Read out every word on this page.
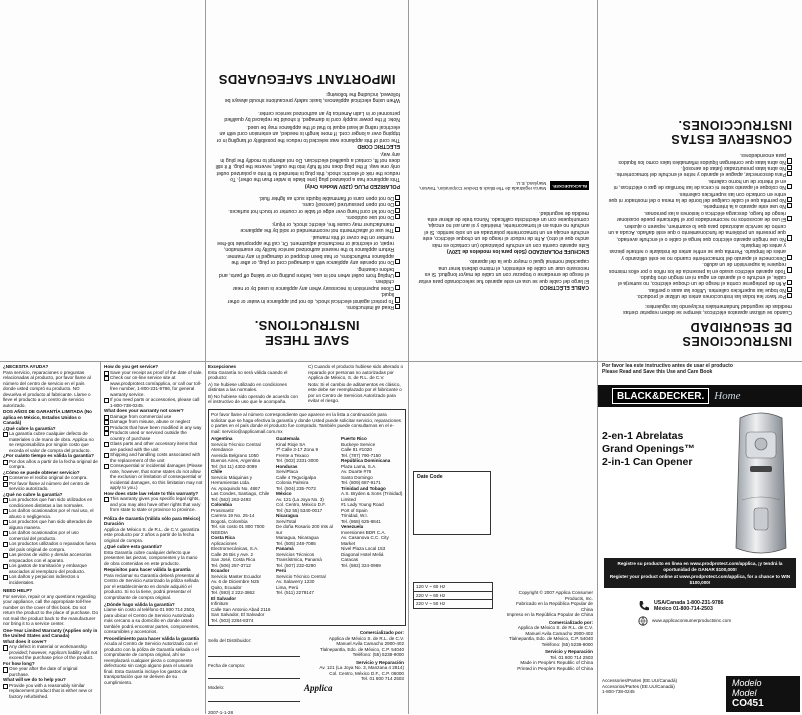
INSTRUCCIONES
DE SEGURIDAD
Cuando se utilizan aparatos eléctricos, siempre se deben respetar ciertas medidas de seguridad fundamentales incluyendo las siguientes:
Por favor lea todas las instrucciones antes de utilizar el producto.
No toque las superficies calientes. Utilice las asas o perillas.
A fin de protegerse contra el riesgo de un choque eléctrico, no sumerja el cable, el enchufe o el aparato en agua ni en ningún otro líquido.
Todo aparato eléctrico usado en la presencia de los niños o por ellos mismos requiere la supervisión de un adulto.
Desconecte el aparato del tomacorriente cuando no se esté utilizando y antes de limpiarlo. Permita que se enfríe antes de instalarle o retirarle piezas y antes de limpiarlo.
No use ningún aparato eléctrico que tenga el cable o el enchufe averiado, que presente un problema de funcionamiento o que esté dañado. Acuda a un centro de servicio autorizado para que lo examinen, reparen o ajusten.
El uso de accesorios no recomendados por el fabricante puede ocasionar riesgo de fuego, descarga eléctrica o lesiones a las personas.
No use este aparato a la intemperie.
No permita que el cable cuelgue del borde de la mesa o del mostrador ni que entre en contacto con las superficies calientes.
No coloque el aparato sobre ni cerca de las hornillas de gas o eléctricas, ni en el interior de un horno caliente.
Para desconectar, apague el aparato y retire el enchufe del tomacorriente.
No abra latas presurizadas (latas de aerosol).
No abra latas que contengan líquidos inflamables tales como los líquidos para encendedores.
CONSERVE ESTAS
INSTRUCCIONES.
CABLE ELÉCTRICO

El largo del cable que se usa en este aparato fue seleccionado para evitar el riesgo de enredarse o tropezar con un cable de mayor longitud. Si es necesario usar un cable de extensión, el mismo deberá tener una capacidad nominal igual o mayor que la del aparato.

ENCHUFE POLARIZADO (Sólo para los modelos de 120V)

Este aparato cuenta con un enchufe polarizado (un contacto es más ancho que el otro). A fin de reducir el riesgo de un choque eléctrico, este enchufe encaja en un tomacorriente polarizada en un solo sentido. Si el enchufe no entra en el tomacorriente, inviértalo y si aun así no encaja, comuníquese con un electricista calificado. Nunca trate de alterar esta medida de seguridad.

BLACK&DECKER.
Marca registrada de The Black & Decker Corporation, Towson, Maryland, E.U.
SAVE THESE INSTRUCTIONS.
Read all instructions.
To protect against electrical shock, do not put appliance in water or other liquid.
Close supervision is necessary when any appliance is used by or near children.
Unplug from outlet when not in use, before putting on or taking off parts, and before cleaning.
Do not operate any appliance with a damaged cord or plug, or after the appliance malfunctions, or has been dropped or damaged in any manner. Return appliance to the nearest authorized service facility for examination, repair, or electrical or mechanical adjustment. Or, call the appropriate toll-free number on the cover of this manual.
The use of attachments not recommended or sold by the appliance manufacturer may cause fire, electric shock, or injury.
Do not use outdoors.
Do not let cord hang over edge of table or counter or touch hot surfaces.
Do not open pressurized (aerosol) cans.
Do not open cans of flammable liquids such as lighter fluid.
POLARIZED PLUG (120V Models Only)

This appliance has a polarized plug (one blade is wider than the other). To reduce the risk of electric shock, this plug is intended to fit into a polarized outlet only one way. If the plug does not fit fully into the outlet, reverse the plug. If it still does not fit, contact a qualified electrician. Do not attempt to modify the plug in any way.

ELECTRIC CORD

The cord of this appliance was selected to reduce the possibility of tangling in or tripping over a longer cord. If more length is needed, an extension cord with an electrical rating at least equal to that of the appliance may be used.

Note: If the power supply cord is damaged, it should be replaced by qualified personnel or in Latin America by an authorized service center.

When using electrical appliances, basic safety precautions should always be followed, including the following:
IMPORTANT SAFEGUARDS
¿NECESITA AYUDA?

Para servicio, reparaciones o preguntas relacionadas al producto, por favor llame al número del centro de servicio en el país donde usted compró su producto. NO devuelva el producto al fabricante. Llame o lleve el producto a un centro de servicio autorizado.

DOS AÑOS DE GARANTÍA LIMITADA (No aplica en México, Estados Unidos o Canadá)
¿Qué cubre la garantía?
La garantía cubre cualquier defecto de materiales o de mano de obra. Applica no se responsabiliza por ningún costo que exceda el valor de compra del producto.
¿Por cuánto tiempo es válida la garantía?
Por dos años a partir de la fecha original de compra.
¿Cómo se puede obtener servicio?
Conserve el recibo original de compra.
Por favor llame al número del centro de servicio autorizado.
¿Qué no cubre la garantía?
Los productos que han sido utilizados en condiciones distintas a las normales.
Los daños ocasionados por el mal uso, el abuso o negligencia.
Los productos que han sido alterados de alguna manera.
Los daños ocasionados por el uso comercial del producto.
Los productos utilizados o reparados fuera del país original de compra.
Las piezas de vidrio y demás accesorios empacados con el aparato.
Los gastos de tramitación y embarque asociados al reemplazo del producto.
Los daños y perjuicios indirectos o incidentales.
NEED HELP?

For service, repair or any questions regarding your appliance, call the appropriate toll-free number on the cover of this book. Do not return the product to the place of purchase. Do not mail the product back to the manufacturer nor bring it to a service center.

One-Year Limited Warranty (Applies only in the United States and Canada)
What does it cover?
Any defect in material or workmanship provided; however, Applica's liability will not exceed the purchase price of the product.
For how long?
One year after the date of original purchase.
What will we do to help you?
Provide you with a reasonably similar replacement product that is either new or factory refurbished.
How do you get service?
Save your receipt as proof of the date of sale.
Check our on-line service site at www.prodprotect.com/applica, or call our toll-free number, 1-800-231-9786, for general warranty service.
If you need parts or accessories, please call 1-800-738-0245.
What does your warranty not cover?
Damage from commercial use
Damage from misuse, abuse or neglect
Products that have been modified in any way
Products used or serviced outside the country of purchase
Glass parts and other accessory items that are packed with the unit
Shipping and handling costs associated with the replacement of the unit
Consequential or incidental damages (Please note, however, that some states do not allow the exclusion or limitation of consequential or incidental damages, so this limitation may not apply to you.)
How does state law relate to this warranty?
This warranty gives you specific legal rights, and you may also have other rights that vary from state to state or province to province.
Póliza de Garantía (Válida sólo para México)
Duración

Applica de México S. de R.L. de C.V. garantiza este producto por 2 años a partir de la fecha original de compra.

¿Qué cubre esta garantía?

Esta Garantía cubre cualquier defecto que presenten las piezas, componentes y la mano de obra contenidas en este producto.

Requisitos para hacer válida la garantía

Para reclamar su Garantía deberá presentar al Centro de Servicio Autorizado la póliza sellada por el establecimiento en donde adquirió el producto. Si no la tiene, podrá presentar el comprobante de compra original.

¿Dónde hago válida la garantía?

Llame sin costo al teléfono 01 800 714 2503, para ubicar el Centro de Servicio Autorizado más cercano a su domicilio en donde usted también podrá encontrar partes, componentes, consumibles y accesorios.

Procedimiento para hacer válida la garantía

Acuda al Centro de Servicio Autorizado con el producto con la póliza de Garantía sellada o el comprobante de compra original, ahí se reemplazará cualquier pieza o componente defectuoso sin cargo alguno para el usuario final. Esta Garantía incluye los gastos de transportación que se deriven de su cumplimiento.

Excepciones

Esta Garantía no será válida cuando el producto:

A) Se hubiese utilizado en condiciones distintas a las normales.

B) No hubiese sido operado de acuerdo con el instructivo de uso que le acompaña.

C) Cuando el producto hubiese sido alterado o reparado por personas no autorizadas por Applica de México, S. de R.L. de C.V.

Nota: Si el cambio de aditamentos es clásico, este debe ser reemplazado por el fabricante o por un Centro de Servicios Autorizado para evitar el riesgo.

Por favor llame al número correspondiente que aparece en la lista a continuación para solicitar que se haga efectiva la garantía y donde Usted puede solicitar servicio, reparaciones o partes en el país donde el producto fue comprado. También puede consultarnos en el e-mail: servicio@applicamail.com.mx
Argentina
Servicio Técnico Central Atendance
Avenida Belgrano 1050
Buenos Aires, Argentina
Tel: (54 11) 4302-3099
Chile
Servicio Máquinas y Herramientas Ltda.
Av. Apoquindo No. 4867
Las Condes, Santiago, Chile
Tel: (562) 263-2493
Colombia
Prosimaritz
Carrera 19 No. 25-14
Bogotá, Colombia
Tel. sin costo 01 800 7000 NEEDIA
Costa Rica
Aplicaciones Electromecánicas, S.A.
Calle 26 Bis y Ave. 2
San José, Costa Rica
Tel. (506) 257-3712
Ecuador
Servicio Master Ecuador
Av. 6 de Diciembre N25
Quito, Ecuador
Tel. (593) 2 222-3862
El Salvador
Infinitum
Calle San Antonio Abad 2116
San Salvador, El Salvador
Tel. (503) 2284-8374
Guatemala
Kinal Rioje SA
7ª Calle 3-17 Zona 9
Frente a Texaco
Tel. (502) 2331-3000
Honduras
ServiPlaca
Calle 4 Tegucigalpa
Colonia Palmira
Tel. (504) 235-7073
México
Av. 121 (La Joya No. 3)
Col. Centro, México D.F.
Tel: (52 55) 5340-0017
Nicaragua
ServiTotal
De doña Rosario 200 mts al sur
Managua, Nicaragua
Tel. (505) 248-7085
Panamá
Servicios Técnicos
Transístmica, Panamá
Tel. (507) 232-0290
Perú
Servicio Técnico Central
Av. Salaverry 1230
Lima, Perú
Tel. (511) 2279147
Puerto Rico
Buckeye Service
Calle 81 #1020
Tel. (787) 790-7150
República Dominicana
Plaza Lama, S.A.
Av. Duarte #76
Santo Domingo
Tel. (809) 687-9171
Trinidad and Tobago
A.S. Bryden & Sons (Trinidad) Limited
#1 Lady Young Road
Port of Spain
Trinidad, W.I.
Tel. (868) 625-8841
Venezuela
Inversiones BDR C.A.
Av. Casanova C.C. City Market
Nivel Plaza Local 153
Diagonal Hotel Meliá
Caracas
Tel. (582) 324-0969
Sello del Distribuidor:
Fecha de compra:
Modelo:
2007-1-1-28
Comercializado por:
Applica de México S. de R.L. de C.V.
Manuel Avila Camacho 2900-402
Tlalnepantla, Edo. de México, C.P. 54040
Teléfono: (55) 5238-9000
Servicio y Reparación
Av. 121 (La Joya No. 3, Manzana 4 2814)
Col. Centro, México D.F., C.P. 06000
Tel. 01 800 714 2503
Applica
Date Code
120 V ~ 60 Hz
220 V ~ 60 Hz
220 V ~ 50 Hz
Copyright © 2007 Applica Consumer Products, Inc.
Fabricado en la República Popular de China
Impreso en la República Popular de China
Comercializado por:
Applica de México S. de R.L. de C.V.
Manuel Avila Camacho 2900-402
Tlalnepantla, Edo. de México, C.P. 54040
Teléfono: (55) 5238-9000
Servicio y Reparación
Tel. 01 800 714 2503
Made in People's Republic of China
Printed in People's Republic of China
Por favor lea este instructivo antes de usar el producto
Please Read and Save this Use and Care Book
BLACK&DECKER. Home
2-en-1 Abrelatas
Grand Openings™
2-in-1 Can Opener
Registre su producto en línea en www.prodprotect.com/applica, ¡y tendrá la oportunidad de GANAR $100,000!
Register your product online at www.prodprotect.com/applica, for a chance to WIN $100,000!
USA/Canada 1-800-231-9786
México 01-800-714-2503
www.applicaconsumerproductsinc.com
Accessories/Partes (EE.UU/Canadá)
Accesorios/Partes (EE.UU/Canadá)
1-800-738-0245
Modelo
Model
CO451
